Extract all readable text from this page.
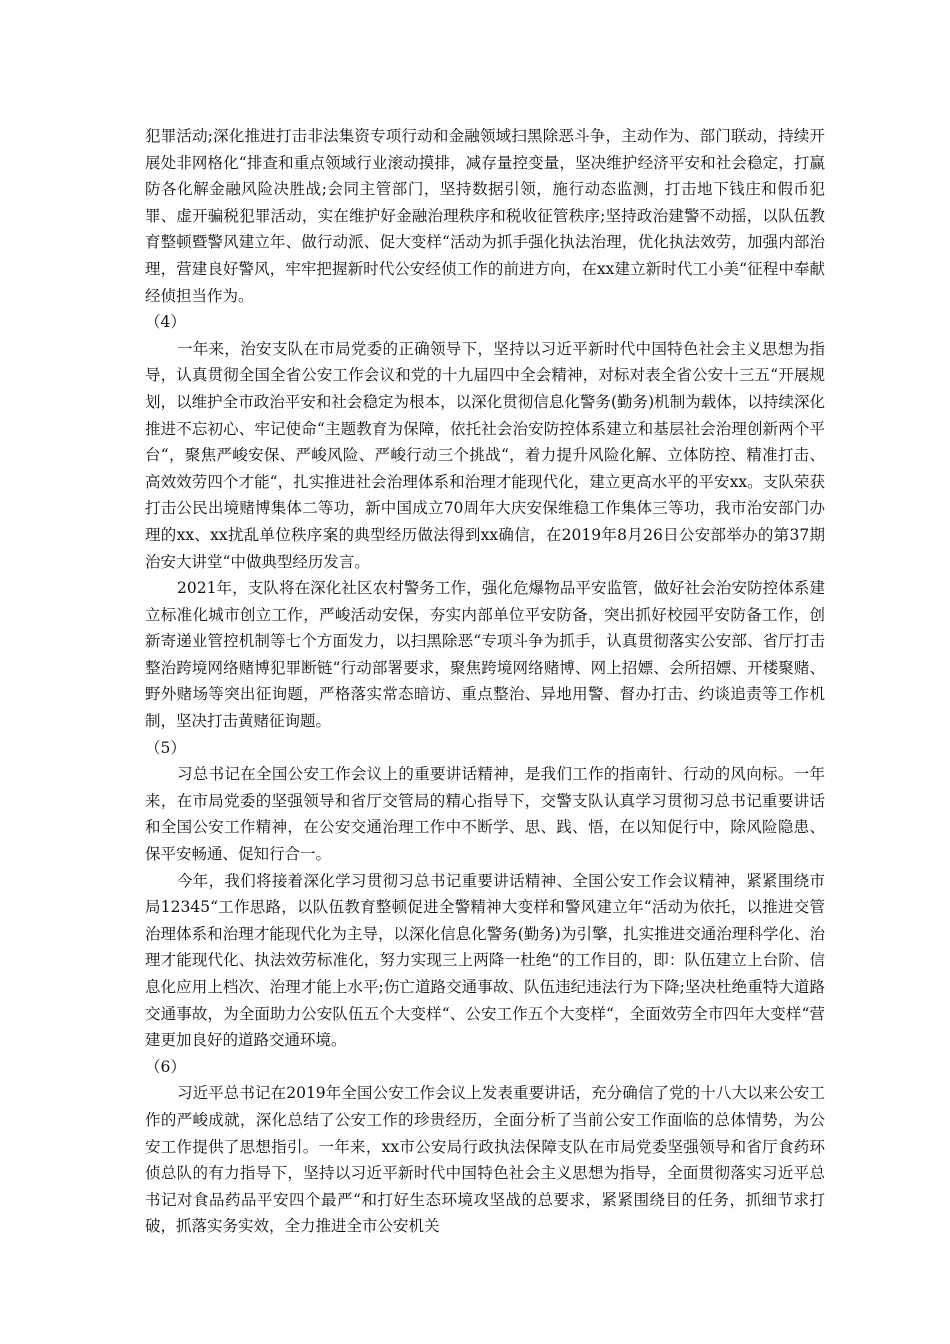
犯罪活动;深化推进打击非法集资专项行动和金融领域扫黑除恶斗争，主动作为、部门联动，持续开展处非网格化“排查和重点领域行业滚动摸排，减存量控变量，坚决维护经济平安和社会稳定，打赢防各化解金融风险决胜战;会同主管部门，坚持数据引领，施行动态监测，打击地下钱庄和假币犯罪、虚开骗税犯罪活动，实在维护好金融治理秩序和税收征管秩序;坚持政治建警不动摇，以队伍教育整顿暨警风建立年、做行动派、促大变样“活动为抓手强化执法治理，优化执法效劳，加强内部治理，营建良好警风，牢牢把握新时代公安经侦工作的前进方向，在xx建立新时代工小美“征程中奉献经侦担当作为。

（4）

一年来，治安支队在市局党委的正确领导下，坚持以习近平新时代中国特色社会主义思想为指导，认真贯彻全国全省公安工作会议和党的十九届四中全会精神，对标对表全省公安十三五“开展规划，以维护全市政治平安和社会稳定为根本，以深化贯彻信息化警务(勤务)机制为载体，以持续深化推进不忘初心、牢记使命“主题教育为保障，依托社会治安防控体系建立和基层社会治理创新两个平台“，聚焦严峻安保、严峻风险、严峻行动三个挑战“，着力提升风险化解、立体防控、精准打击、高效效劳四个才能“，扎实推进社会治理体系和治理才能现代化，建立更高水平的平安xx。支队荣获打击公民出境赌博集体二等功，新中国成立70周年大庆安保维稳工作集体三等功，我市治安部门办理的xx、xx扰乱单位秩序案的典型经历做法得到xx确信，在2019年8月26日公安部举办的第37期治安大讲堂“中做典型经历发言。

2021年，支队将在深化社区农村警务工作，强化危爆物品平安监管，做好社会治安防控体系建立标准化城市创立工作，严峻活动安保，夯实内部单位平安防备，突出抓好校园平安防备工作，创新寄递业管控机制等七个方面发力，以扫黑除恶“专项斗争为抓手，认真贯彻落实公安部、省厅打击整治跨境网络赌博犯罪断链“行动部署要求，聚焦跨境网络赌博、网上招嫖、会所招嫖、开楼聚赌、野外赌场等突出征询题，严格落实常态暗访、重点整治、异地用警、督办打击、约谈追责等工作机制，坚决打击黄赌征询题。

（5）

习总书记在全国公安工作会议上的重要讲话精神，是我们工作的指南针、行动的风向标。一年来，在市局党委的坚强领导和省厅交管局的精心指导下，交警支队认真学习贯彻习总书记重要讲话和全国公安工作精神，在公安交通治理工作中不断学、思、践、悟，在以知促行中，除风险隐患、保平安畅通、促知行合一。

今年，我们将接着深化学习贯彻习总书记重要讲话精神、全国公安工作会议精神，紧紧围绕市局12345“工作思路，以队伍教育整顿促进全警精神大变样和警风建立年“活动为依托，以推进交管治理体系和治理才能现代化为主导，以深化信息化警务(勤务)为引擎，扎实推进交通治理科学化、治理才能现代化、执法效劳标准化，努力实现三上两降一杜绝“的工作目的，即：队伍建立上台阶、信息化应用上档次、治理才能上水平;伤亡道路交通事故、队伍违纪违法行为下降;坚决杜绝重特大道路交通事故，为全面助力公安队伍五个大变样“、公安工作五个大变样“，全面效劳全市四年大变样“营建更加良好的道路交通环境。

（6）

习近平总书记在2019年全国公安工作会议上发表重要讲话，充分确信了党的十八大以来公安工作的严峻成就，深化总结了公安工作的珍贵经历，全面分析了当前公安工作面临的总体情势，为公安工作提供了思想指引。一年来，xx市公安局行政执法保障支队在市局党委坚强领导和省厅食药环侦总队的有力指导下，坚持以习近平新时代中国特色社会主义思想为指导，全面贯彻落实习近平总书记对食品药品平安四个最严“和打好生态环境攻坚战的总要求，紧紧围绕目的任务，抓细节求打破，抓落实务实效，全力推进全市公安机关
